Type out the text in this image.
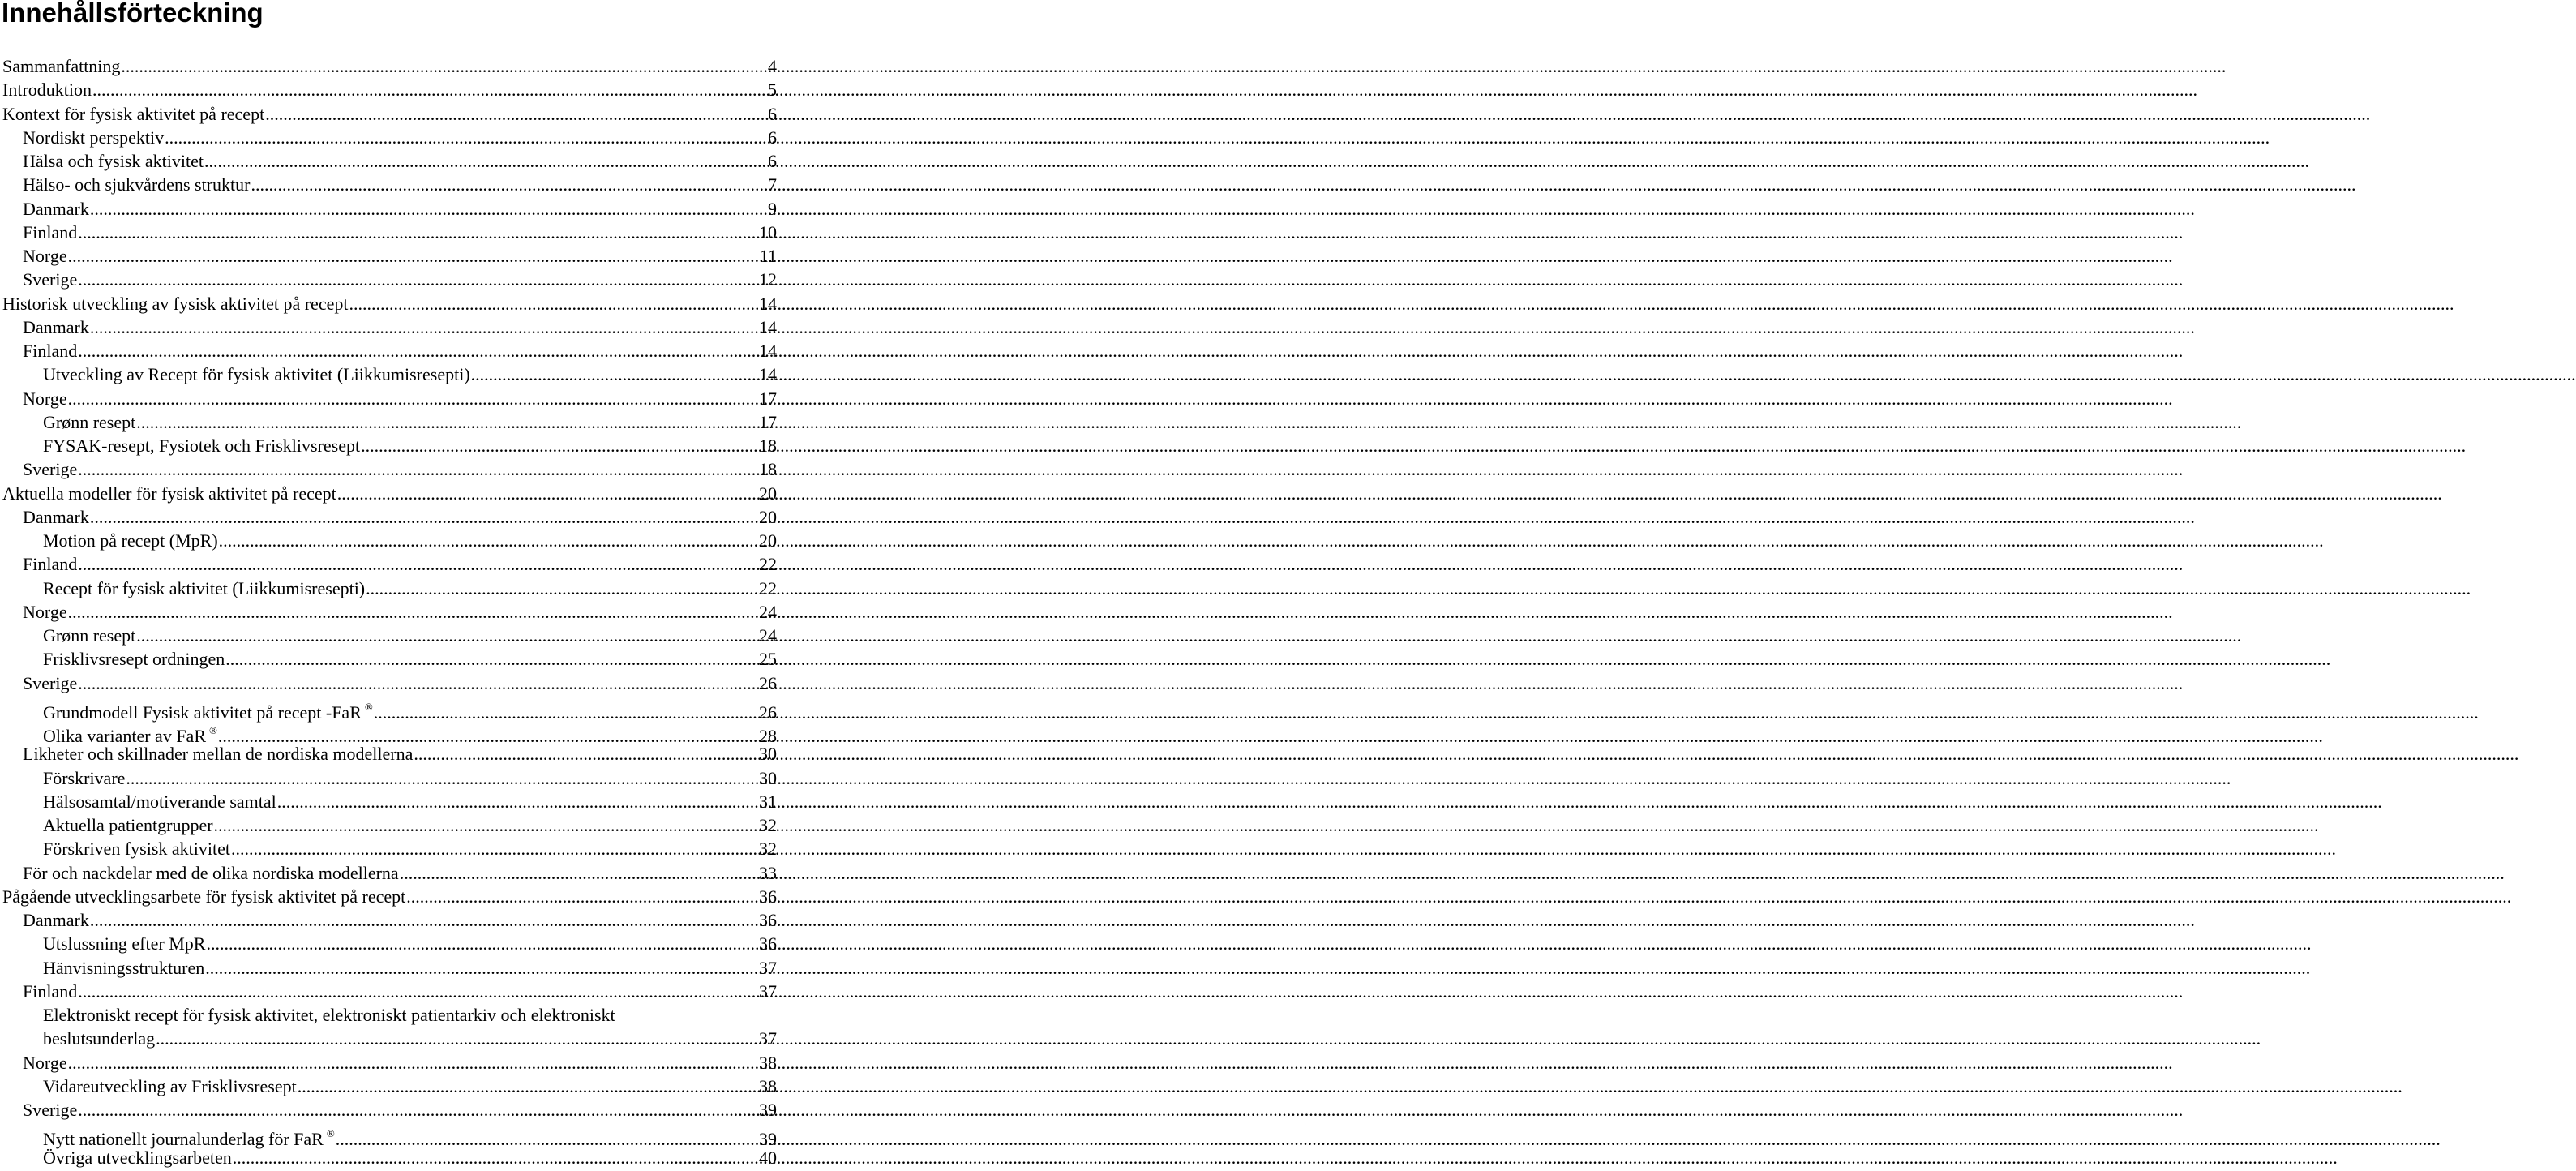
Innehållsförteckning
Sammanfattning .....	4
Introduktion .....	5
Kontext för fysisk aktivitet på recept .....	6
Nordiskt perspektiv .....	6
Hälsa och fysisk aktivitet .....	6
Hälso- och sjukvårdens struktur .....	7
Danmark .....	9
Finland .....	10
Norge .....	11
Sverige .....	12
Historisk utveckling av fysisk aktivitet på recept .....	14
Danmark .....	14
Finland .....	14
Utveckling av Recept för fysisk aktivitet (Liikkumisresepti) .....	14
Norge .....	17
Grønn resept .....	17
FYSAK-resept, Fysiotek och Frisklivsresept .....	18
Sverige .....	18
Aktuella modeller för fysisk aktivitet på recept .....	20
Danmark .....	20
Motion på recept (MpR) .....	20
Finland .....	22
Recept för fysisk aktivitet (Liikkumisresepti) .....	22
Norge .....	24
Grønn resept .....	24
Frisklivsresept ordningen .....	25
Sverige .....	26
Grundmodell Fysisk aktivitet på recept -FaR ® .....	26
Olika varianter av FaR ® .....	28
Likheter och skillnader mellan de nordiska modellerna .....	30
Förskrivare .....	30
Hälsosamtal/motiverande samtal .....	31
Aktuella patientgrupper .....	32
Förskriven fysisk aktivitet .....	32
För och nackdelar med de olika nordiska modellerna .....	33
Pågående utvecklingsarbete för fysisk aktivitet på recept .....	36
Danmark .....	36
Utslussning efter MpR .....	36
Hänvisningsstrukturen .....	37
Finland .....	37
Elektroniskt recept för fysisk aktivitet, elektroniskt patientarkiv och elektroniskt
beslutsunderlag .....	37
Norge .....	38
Vidareutveckling av Frisklivsresept .....	38
Sverige .....	39
Nytt nationellt journalunderlag för FaR ® .....	39
Övriga utvecklingsarbeten .....	40
